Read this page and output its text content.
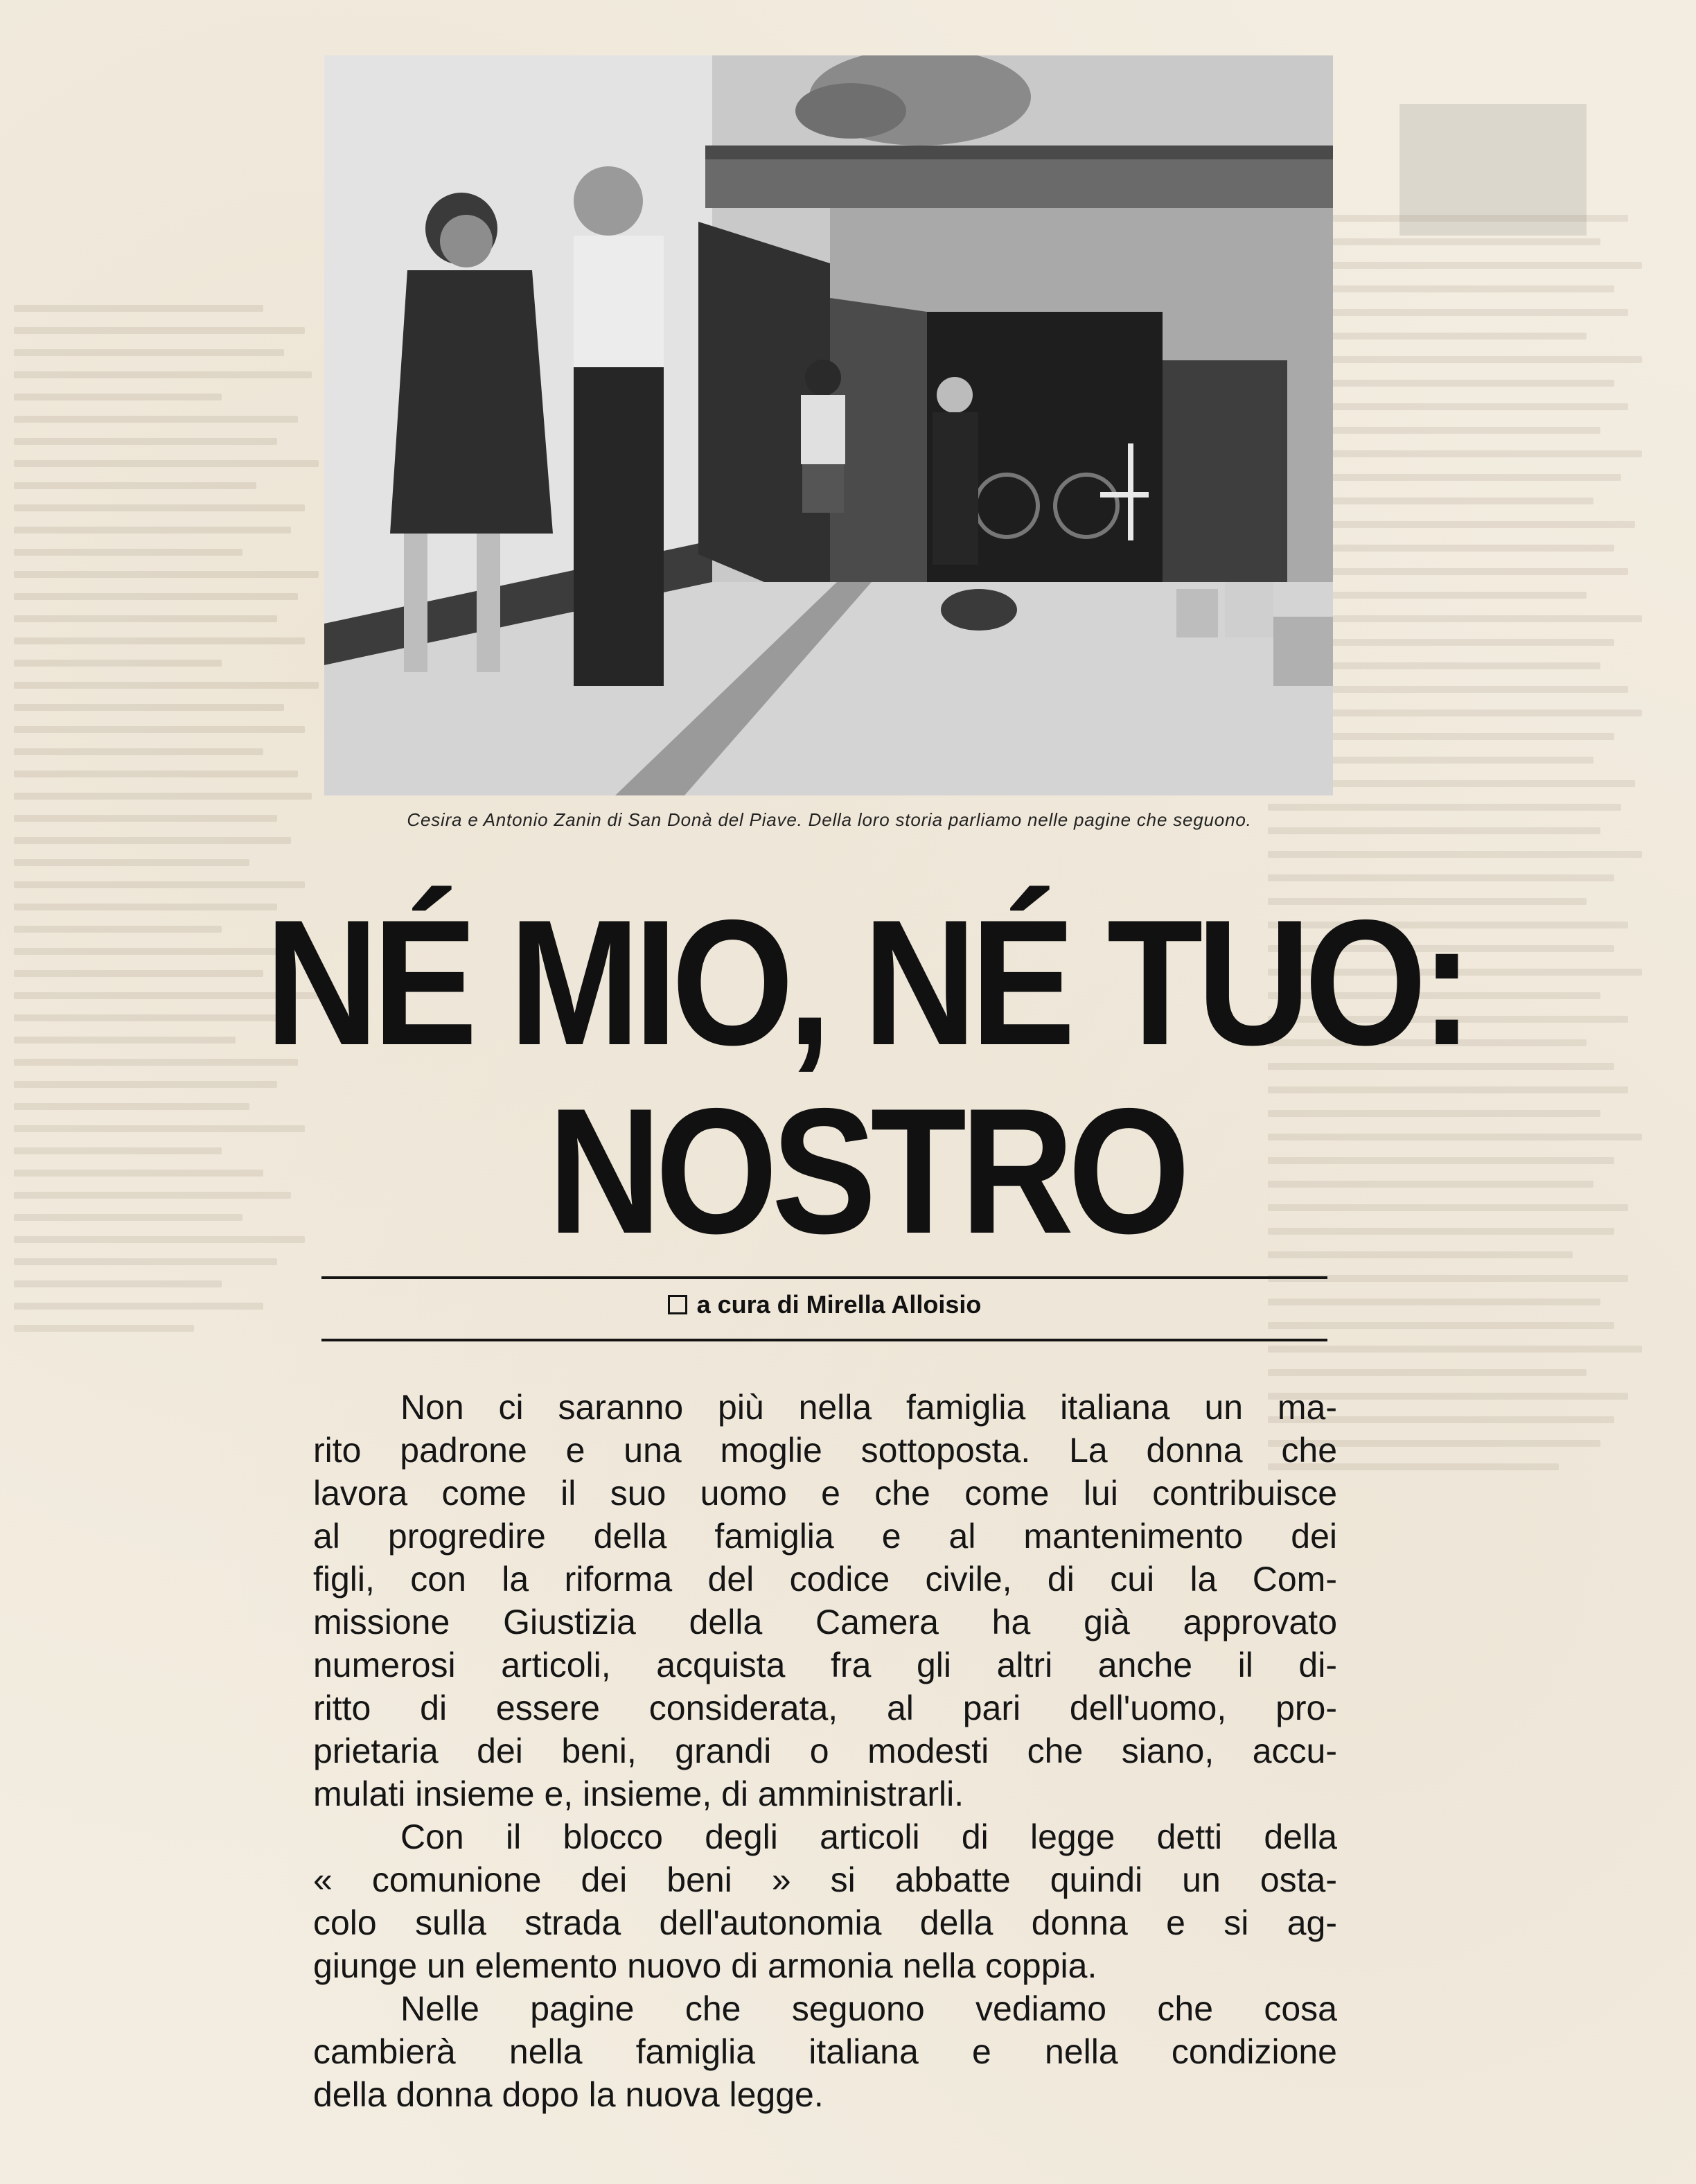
Cesira e Antonio Zanin di San Donà del Piave. Della loro storia parliamo nelle pagine che seguono.
NÉ MIO, NÉ TUO:
NOSTRO
a cura di Mirella Alloisio

Non ci saranno più nella famiglia italiana un ma-
rito padrone e una moglie sottoposta. La donna che
lavora come il suo uomo e che come lui contribuisce
al progredire della famiglia e al mantenimento dei
figli, con la riforma del codice civile, di cui la Com-
missione Giustizia della Camera ha già approvato
numerosi articoli, acquista fra gli altri anche il di-
ritto di essere considerata, al pari dell'uomo, pro-
prietaria dei beni, grandi o modesti che siano, accu-
mulati insieme e, insieme, di amministrarli.

Con il blocco degli articoli di legge detti della
« comunione dei beni » si abbatte quindi un osta-
colo sulla strada dell'autonomia della donna e si ag-
giunge un elemento nuovo di armonia nella coppia.

Nelle pagine che seguono vediamo che cosa
cambierà nella famiglia italiana e nella condizione
della donna dopo la nuova legge.
